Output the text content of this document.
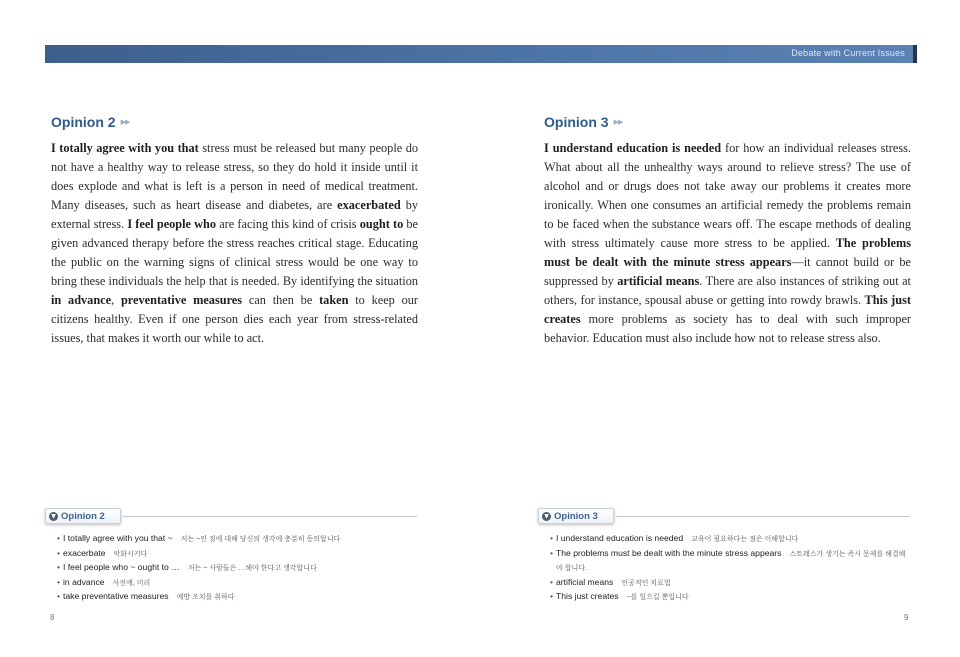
Debate with Current Issues
Opinion 2 ▶▶

I totally agree with you that stress must be released but many people do not have a healthy way to release stress, so they do hold it inside until it does explode and what is left is a person in need of medical treatment. Many diseases, such as heart disease and diabetes, are exacerbated by external stress. I feel people who are facing this kind of crisis ought to be given advanced therapy before the stress reaches critical stage. Educating the public on the warning signs of clinical stress would be one way to bring these individuals the help that is needed. By identifying the situation in advance, preventative measures can then be taken to keep our citizens healthy. Even if one person dies each year from stress-related issues, that makes it worth our while to act.

Opinion 3 ▶▶

I understand education is needed for how an individual releases stress. What about all the unhealthy ways around to relieve stress? The use of alcohol and or drugs does not take away our problems it creates more ironically. When one consumes an artificial remedy the problems remain to be faced when the substance wears off. The escape methods of dealing with stress ultimately cause more stress to be applied. The problems must be dealt with the minute stress appears—it cannot build or be suppressed by artificial means. There are also instances of striking out at others, for instance, spousal abuse or getting into rowdy brawls. This just creates more problems as society has to deal with such improper behavior. Education must also include how not to release stress also.

▼ Opinion 2
• I totally agree with you that ~ 저는 ~인 점에 대해 당신의 생각에 충분히 동의합니다
• exacerbate 악화시키다
• I feel people who ~ ought to … 저는 ~ 사람들은 …해야 한다고 생각합니다
• in advance 사전에, 미리
• take preventative measures 예방 조치를 취하다
▼ Opinion 3
• I understand education is needed 교육이 필요하다는 점은 이해합니다
• The problems must be dealt with the minute stress appears 스트레스가 생기는 즉시 문제를 해결해야 합니다.
• artificial means 인공적인 치료법
• This just creates ~를 일으킬 뿐입니다
8	9
